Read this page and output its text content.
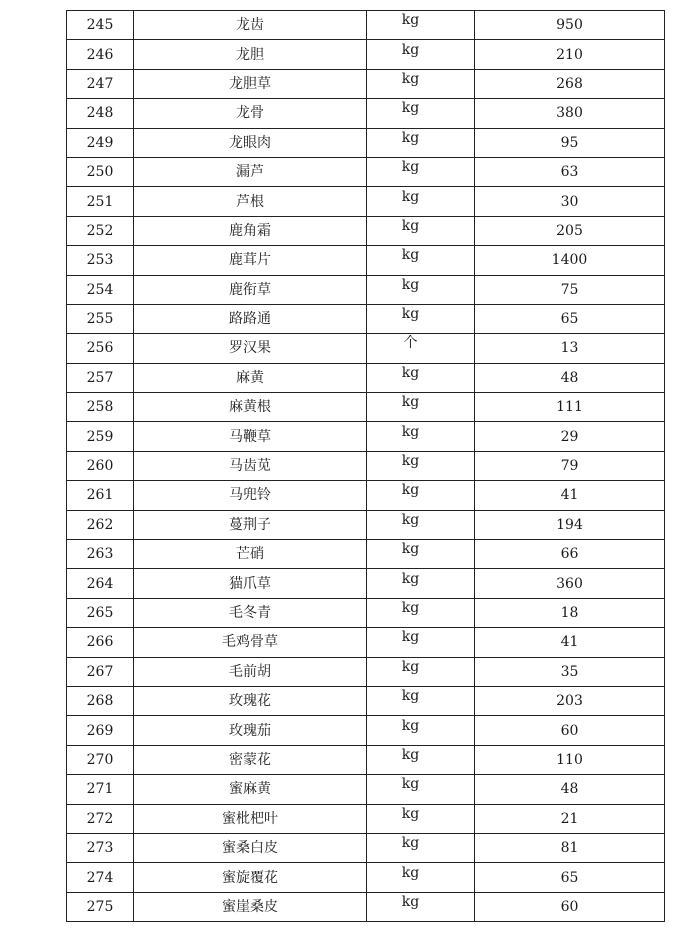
245	龙齿	kg	950
246	龙胆	kg	210
247	龙胆草	kg	268
248	龙骨	kg	380
249	龙眼肉	kg	95
250	漏芦	kg	63
251	芦根	kg	30
252	鹿角霜	kg	205
253	鹿茸片	kg	1400
254	鹿衔草	kg	75
255	路路通	kg	65
256	罗汉果	个	13
257	麻黄	kg	48
258	麻黄根	kg	111
259	马鞭草	kg	29
260	马齿苋	kg	79
261	马兜铃	kg	41
262	蔓荆子	kg	194
263	芒硝	kg	66
264	猫爪草	kg	360
265	毛冬青	kg	18
266	毛鸡骨草	kg	41
267	毛前胡	kg	35
268	玫瑰花	kg	203
269	玫瑰茄	kg	60
270	密蒙花	kg	110
271	蜜麻黄	kg	48
272	蜜枇杷叶	kg	21
273	蜜桑白皮	kg	81
274	蜜旋覆花	kg	65
275	蜜崖桑皮	kg	60
